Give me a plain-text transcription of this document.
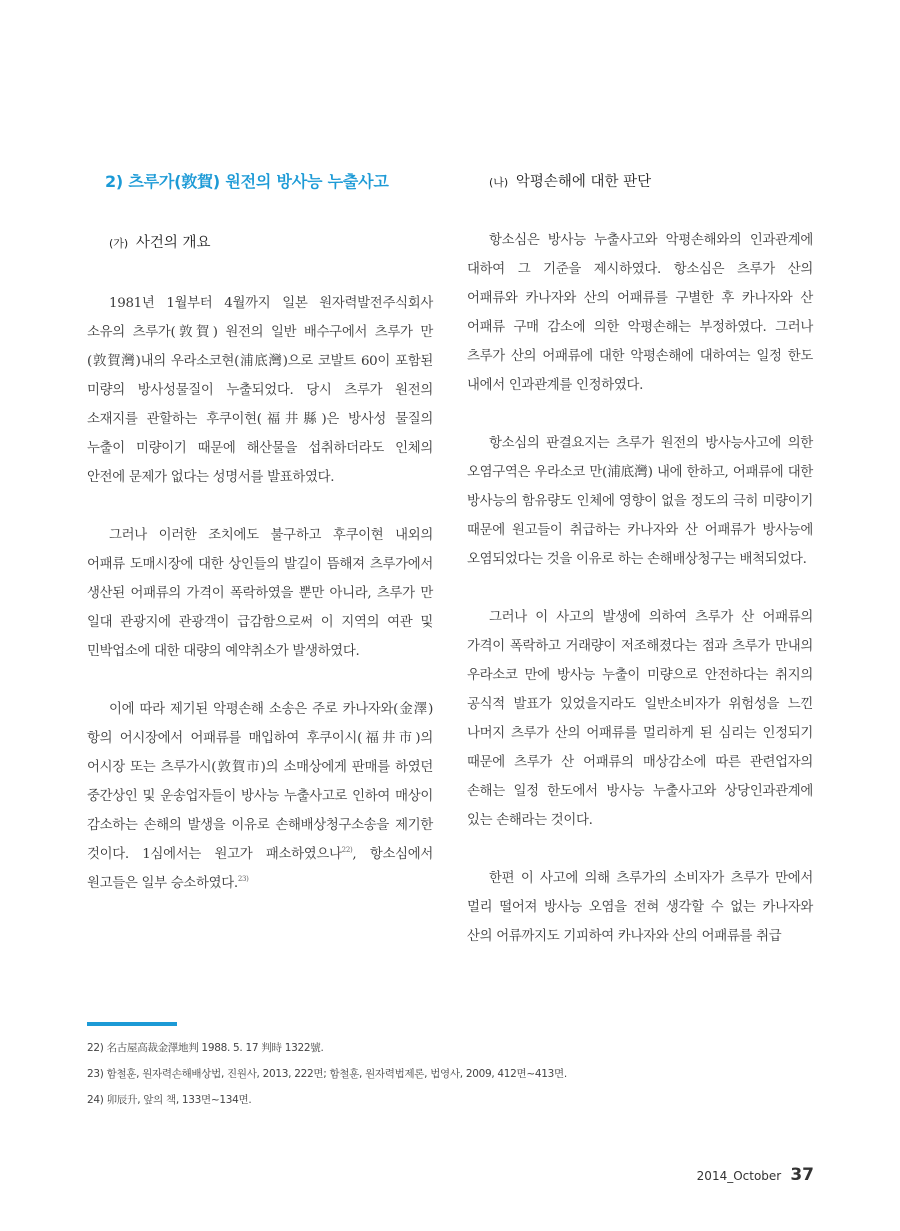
2) 츠루가(敦賀) 원전의 방사능 누출사고
(가) 사건의 개요

1981년 1월부터 4월까지 일본 원자력발전주식회사 소유의 츠루가(敦賀) 원전의 일반 배수구에서 츠루가 만(敦賀灣)내의 우라소코현(浦底灣)으로 코발트 60이 포함된 미량의 방사성물질이 누출되었다. 당시 츠루가 원전의 소재지를 관할하는 후쿠이현(福井縣)은 방사성 물질의 누출이 미량이기 때문에 해산물을 섭취하더라도 인체의 안전에 문제가 없다는 성명서를 발표하였다.

그러나 이러한 조치에도 불구하고 후쿠이현 내외의 어패류 도매시장에 대한 상인들의 발길이 뜸해져 츠루가에서 생산된 어패류의 가격이 폭락하였을 뿐만 아니라, 츠루가 만 일대 관광지에 관광객이 급감함으로써 이 지역의 여관 및 민박업소에 대한 대량의 예약취소가 발생하였다.

이에 따라 제기된 악평손해 소송은 주로 카나자와(金澤)항의 어시장에서 어패류를 매입하여 후쿠이시(福井市)의 어시장 또는 츠루가시(敦賀市)의 소매상에게 판매를 하였던 중간상인 및 운송업자들이 방사능 누출사고로 인하여 매상이 감소하는 손해의 발생을 이유로 손해배상청구소송을 제기한 것이다. 1심에서는 원고가 패소하였으나$^{22)}$, 항소심에서 원고들은 일부 승소하였다.$^{23)}$

(나) 악평손해에 대한 판단

항소심은 방사능 누출사고와 악평손해와의 인과관계에 대하여 그 기준을 제시하였다. 항소심은 츠루가 산의 어패류와 카나자와 산의 어패류를 구별한 후 카나자와 산 어패류 구매 감소에 의한 악평손해는 부정하였다. 그러나 츠루가 산의 어패류에 대한 악평손해에 대하여는 일정 한도 내에서 인과관계를 인정하였다.

항소심의 판결요지는 츠루가 원전의 방사능사고에 의한 오염구역은 우라소코 만(浦底灣) 내에 한하고, 어패류에 대한 방사능의 함유량도 인체에 영향이 없을 정도의 극히 미량이기 때문에 원고들이 취급하는 카나자와 산 어패류가 방사능에 오염되었다는 것을 이유로 하는 손해배상청구는 배척되었다.

그러나 이 사고의 발생에 의하여 츠루가 산 어패류의 가격이 폭락하고 거래량이 저조해졌다는 점과 츠루가 만내의 우라소코 만에 방사능 누출이 미량으로 안전하다는 취지의 공식적 발표가 있었을지라도 일반소비자가 위험성을 느낀 나머지 츠루가 산의 어패류를 멀리하게 된 심리는 인정되기 때문에 츠루가 산 어패류의 매상감소에 따른 관련업자의 손해는 일정 한도에서 방사능 누출사고와 상당인과관계에 있는 손해라는 것이다.

한편 이 사고에 의해 츠루가의 소비자가 츠루가 만에서 멀리 떨어져 방사능 오염을 전혀 생각할 수 없는 카나자와 산의 어류까지도 기피하여 카나자와 산의 어패류를 취급

22) 名古屋高裁金澤地判 1988. 5. 17 判時 1322號.
23) 함철훈, 원자력손해배상법, 진원사, 2013, 222면; 함철훈, 원자력법제론, 법영사, 2009, 412면~413면.
24) 卯辰升, 앞의 책, 133면~134면.
2014_October 37
